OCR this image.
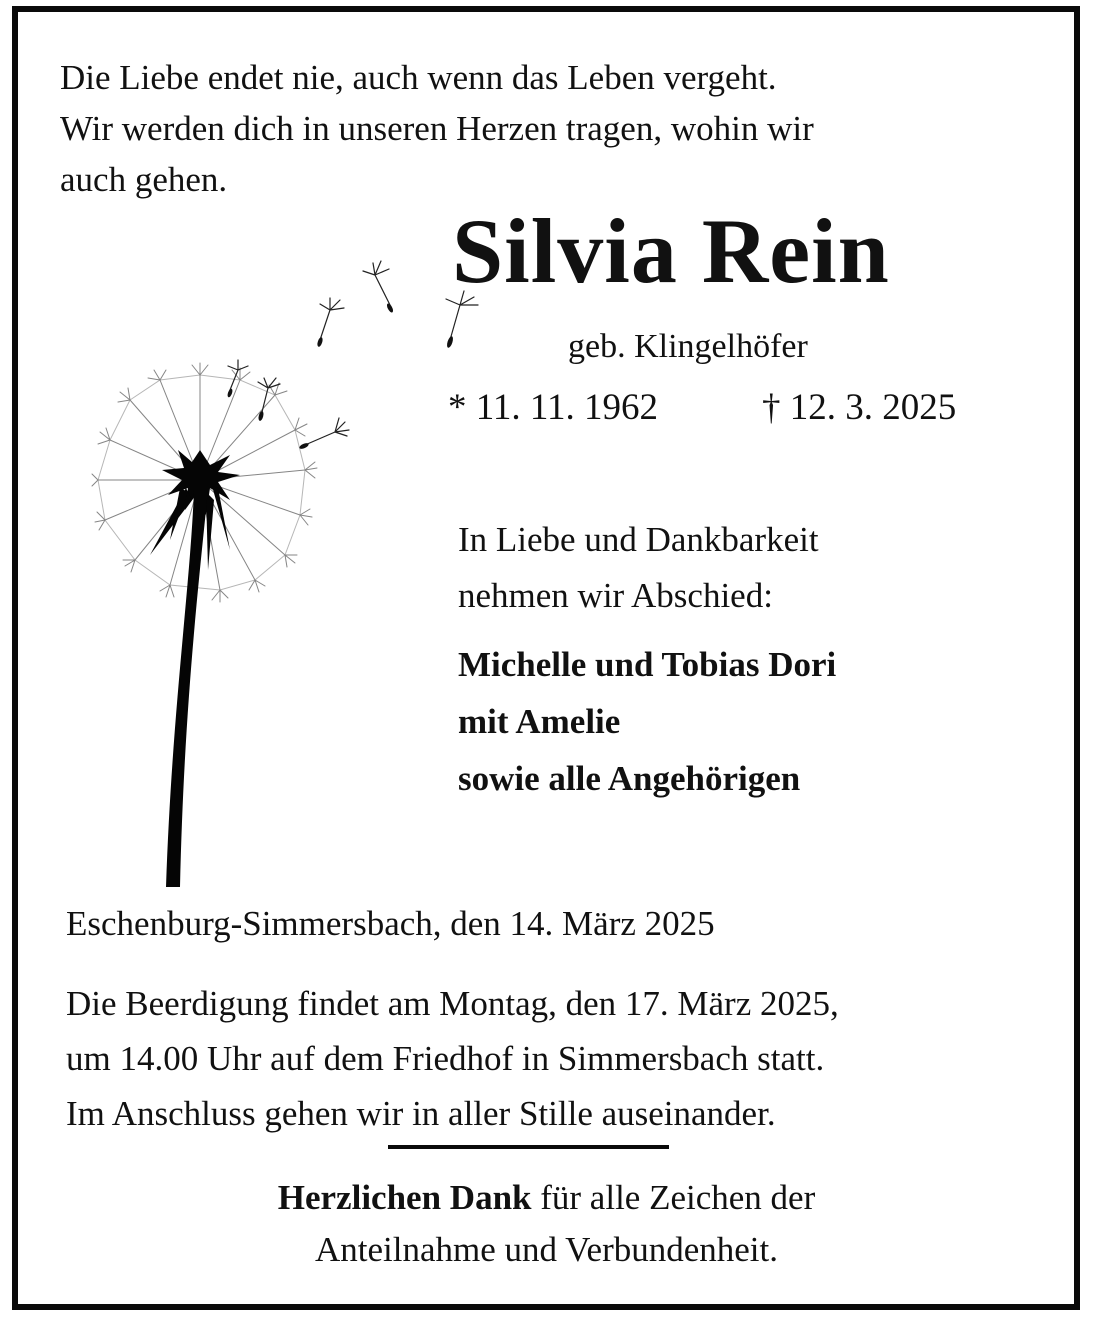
Die Liebe endet nie, auch wenn das Leben vergeht.
Wir werden dich in unseren Herzen tragen, wohin wir
auch gehen.
Silvia Rein
geb. Klingelhöfer
* 11. 11. 1962	† 12. 3. 2025
In Liebe und Dankbarkeit
nehmen wir Abschied:
Michelle und Tobias Dori
mit Amelie
sowie alle Angehörigen
Eschenburg-Simmersbach, den 14. März 2025
Die Beerdigung findet am Montag, den 17. März 2025,
um 14.00 Uhr auf dem Friedhof in Simmersbach statt.
Im Anschluss gehen wir in aller Stille auseinander.
Herzlichen Dank für alle Zeichen der
Anteilnahme und Verbundenheit.
